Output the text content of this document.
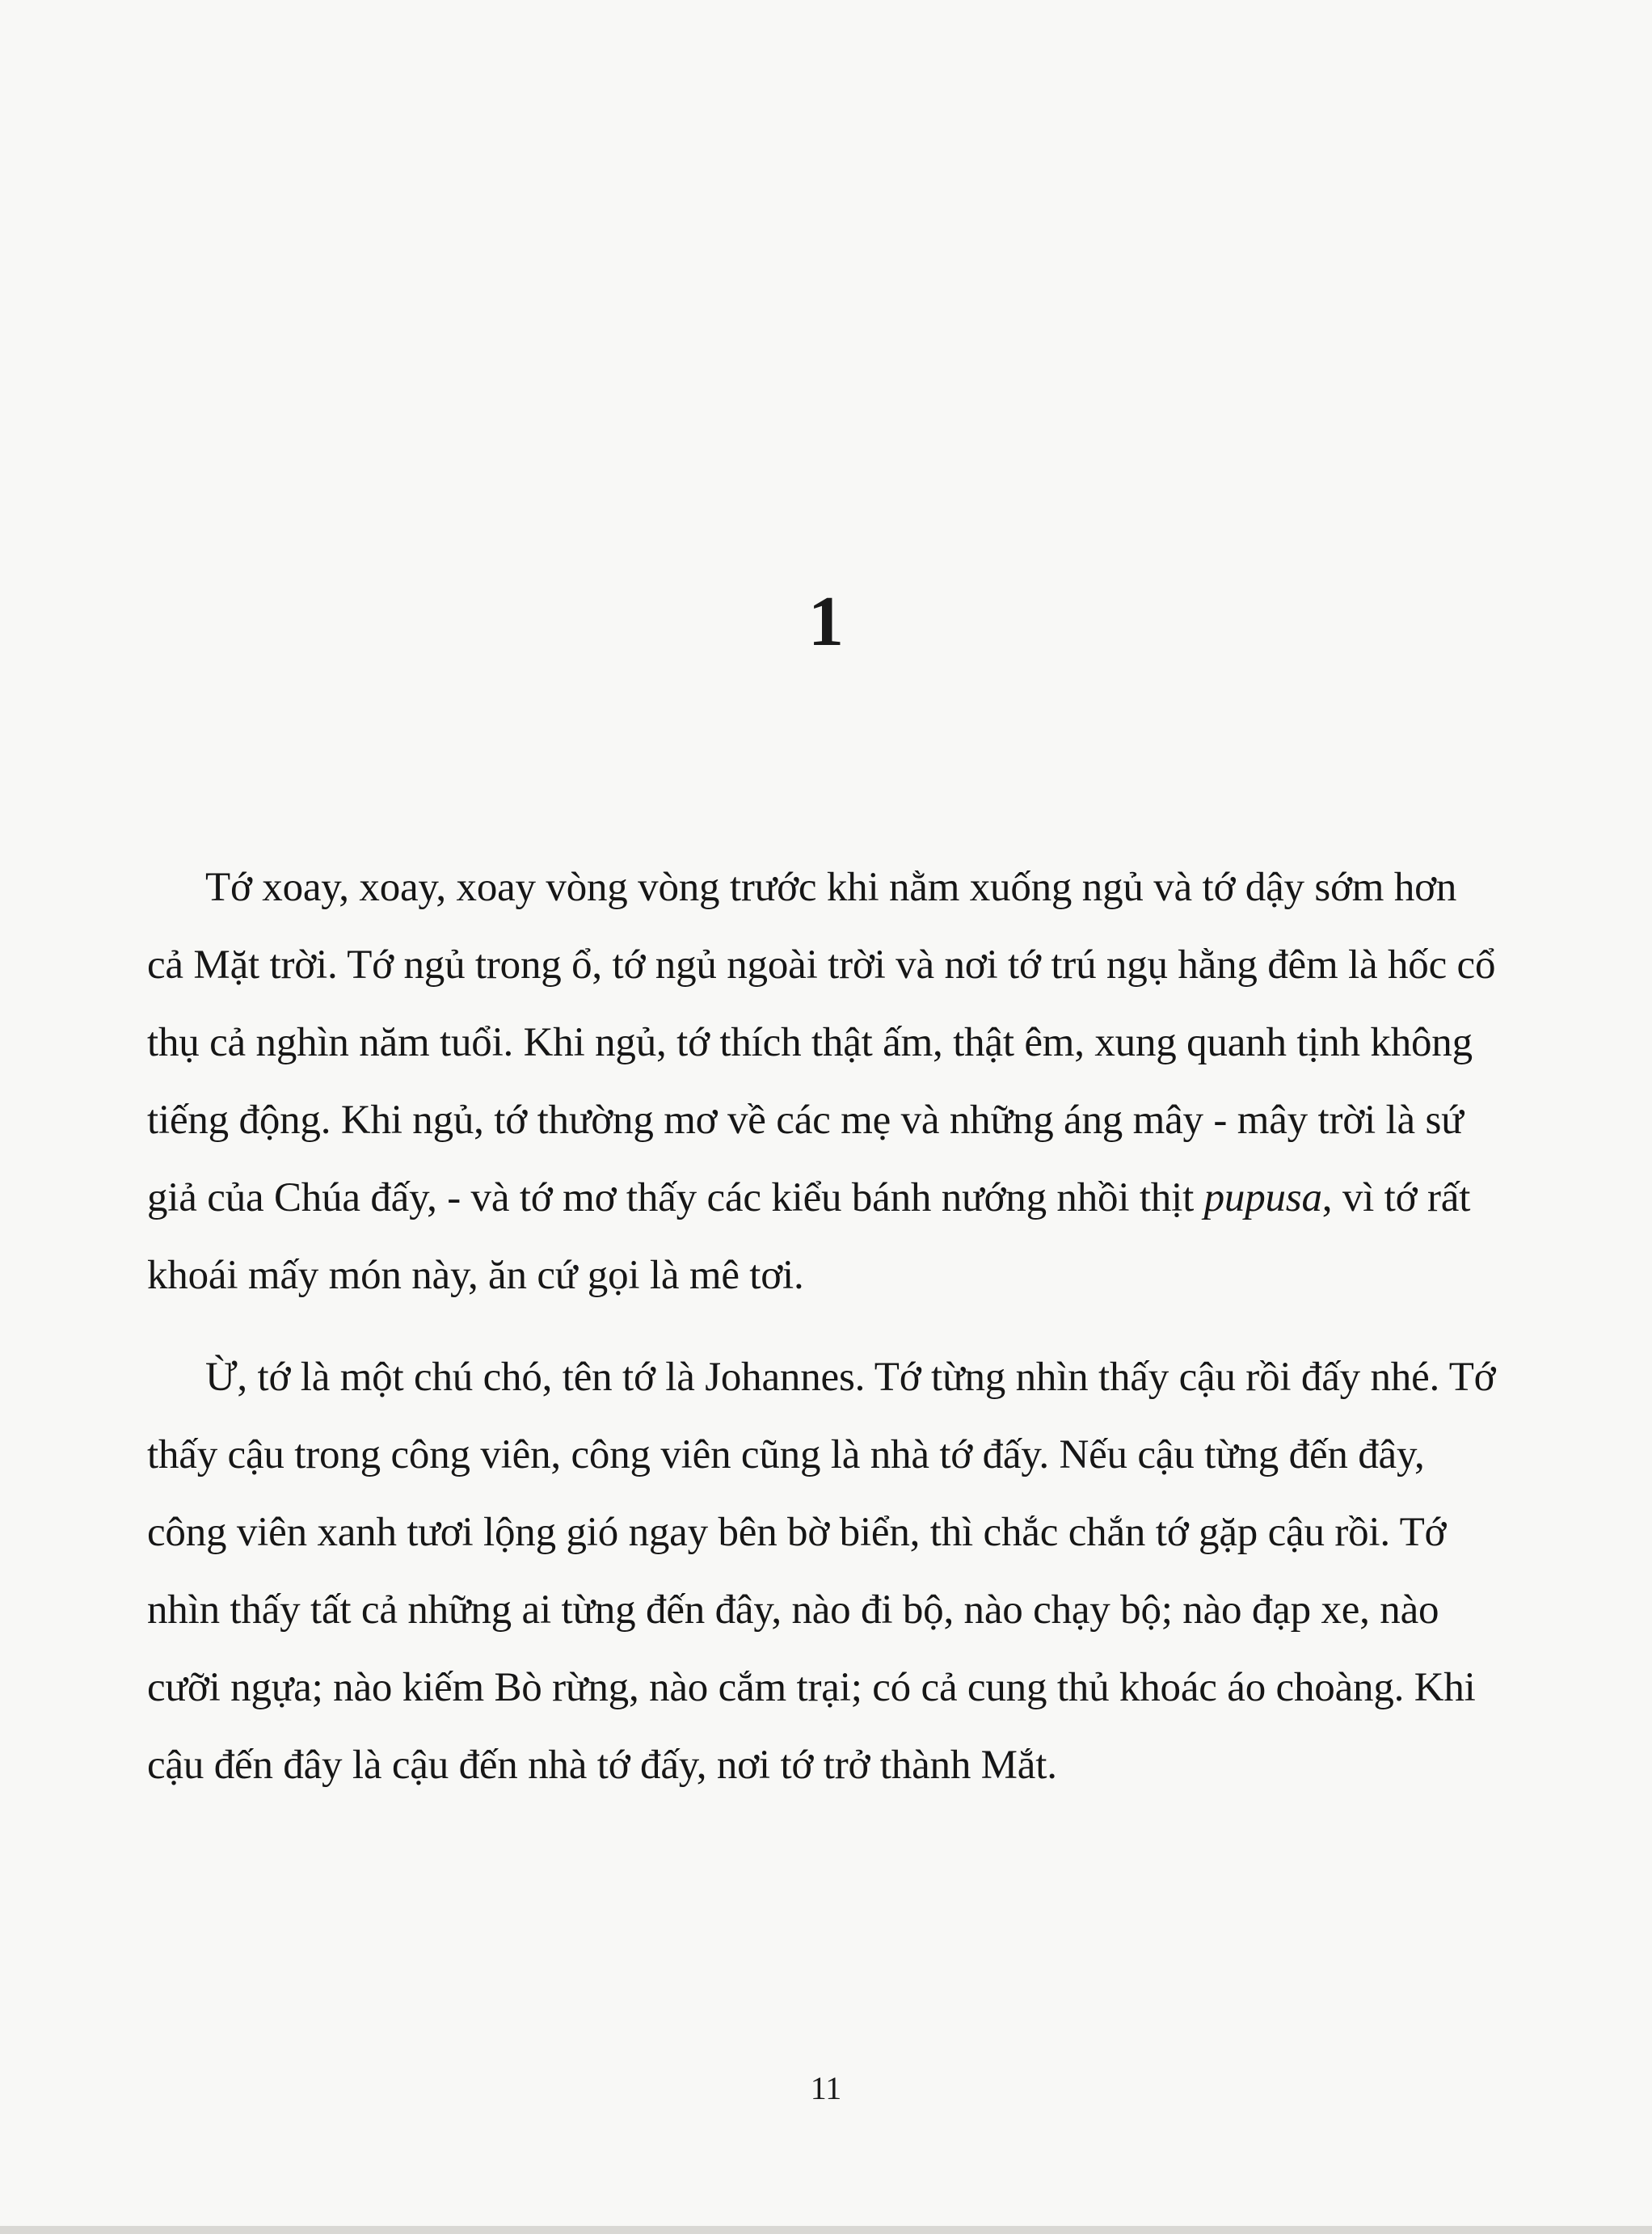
1

Tớ xoay, xoay, xoay vòng vòng trước khi nằm xuống ngủ và tớ dậy sớm hơn cả Mặt trời. Tớ ngủ trong ổ, tớ ngủ ngoài trời và nơi tớ trú ngụ hằng đêm là hốc cổ thụ cả nghìn năm tuổi. Khi ngủ, tớ thích thật ấm, thật êm, xung quanh tịnh không tiếng động. Khi ngủ, tớ thường mơ về các mẹ và những áng mây - mây trời là sứ giả của Chúa đấy, - và tớ mơ thấy các kiểu bánh nướng nhồi thịt pupusa, vì tớ rất khoái mấy món này, ăn cứ gọi là mê tơi.

Ừ, tớ là một chú chó, tên tớ là Johannes. Tớ từng nhìn thấy cậu rồi đấy nhé. Tớ thấy cậu trong công viên, công viên cũng là nhà tớ đấy. Nếu cậu từng đến đây, công viên xanh tươi lộng gió ngay bên bờ biển, thì chắc chắn tớ gặp cậu rồi. Tớ nhìn thấy tất cả những ai từng đến đây, nào đi bộ, nào chạy bộ; nào đạp xe, nào cưỡi ngựa; nào kiếm Bò rừng, nào cắm trại; có cả cung thủ khoác áo choàng. Khi cậu đến đây là cậu đến nhà tớ đấy, nơi tớ trở thành Mắt.

11
